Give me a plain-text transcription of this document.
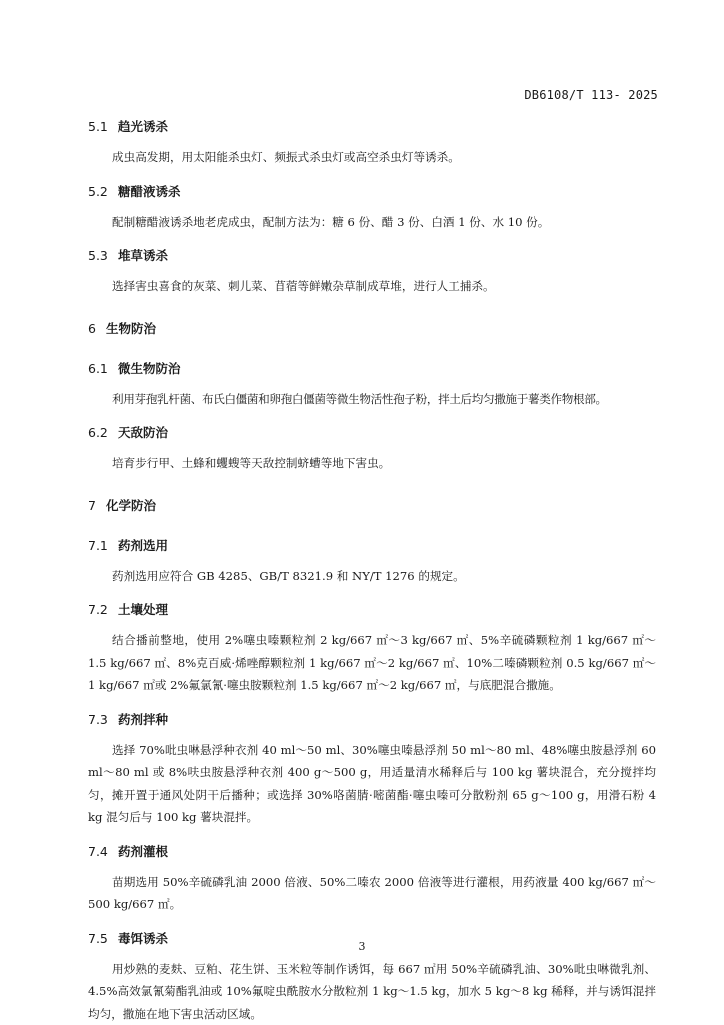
DB6108/T 113- 2025
5.1 趋光诱杀

成虫高发期，用太阳能杀虫灯、频振式杀虫灯或高空杀虫灯等诱杀。

5.2 糖醋液诱杀

配制糖醋液诱杀地老虎成虫，配制方法为：糖 6 份、醋 3 份、白酒 1 份、水 10 份。

5.3 堆草诱杀

选择害虫喜食的灰菜、刺儿菜、苜蓿等鲜嫩杂草制成草堆，进行人工捕杀。

6 生物防治
6.1 微生物防治

利用芽孢乳杆菌、布氏白僵菌和卵孢白僵菌等微生物活性孢子粉，拌土后均匀撒施于薯类作物根部。

6.2 天敌防治

培育步行甲、土蜂和蠼螋等天敌控制蛴螬等地下害虫。

7 化学防治
7.1 药剂选用

药剂选用应符合 GB 4285、GB/T 8321.9 和 NY/T 1276 的规定。

7.2 土壤处理

结合播前整地，使用 2%噻虫嗪颗粒剂 2 kg/667 ㎡～3 kg/667 ㎡、5%辛硫磷颗粒剂 1 kg/667 ㎡～1.5 kg/667 ㎡、8%克百威·烯唑醇颗粒剂 1 kg/667 ㎡～2 kg/667 ㎡、10%二嗪磷颗粒剂 0.5 kg/667 ㎡～1 kg/667 ㎡或 2%氟氯氰·噻虫胺颗粒剂 1.5 kg/667 ㎡～2 kg/667 ㎡，与底肥混合撒施。

7.3 药剂拌种

选择 70%吡虫啉悬浮种衣剂 40 ml～50 ml、30%噻虫嗪悬浮剂 50 ml～80 ml、48%噻虫胺悬浮剂 60 ml～80 ml 或 8%呋虫胺悬浮种衣剂 400 g～500 g，用适量清水稀释后与 100 kg 薯块混合，充分搅拌均匀，摊开置于通风处阴干后播种；或选择 30%咯菌腈·嘧菌酯·噻虫嗪可分散粉剂 65 g～100 g，用滑石粉 4 kg 混匀后与 100 kg 薯块混拌。

7.4 药剂灌根

苗期选用 50%辛硫磷乳油 2000 倍液、50%二嗪农 2000 倍液等进行灌根，用药液量 400 kg/667 ㎡～500 kg/667 ㎡。

7.5 毒饵诱杀

用炒熟的麦麸、豆粕、花生饼、玉米粒等制作诱饵，每 667 ㎡用 50%辛硫磷乳油、30%吡虫啉微乳剂、4.5%高效氯氰菊酯乳油或 10%氟啶虫酰胺水分散粒剂 1 kg～1.5 kg，加水 5 kg～8 kg 稀释，并与诱饵混拌均匀，撒施在地下害虫活动区域。

3
